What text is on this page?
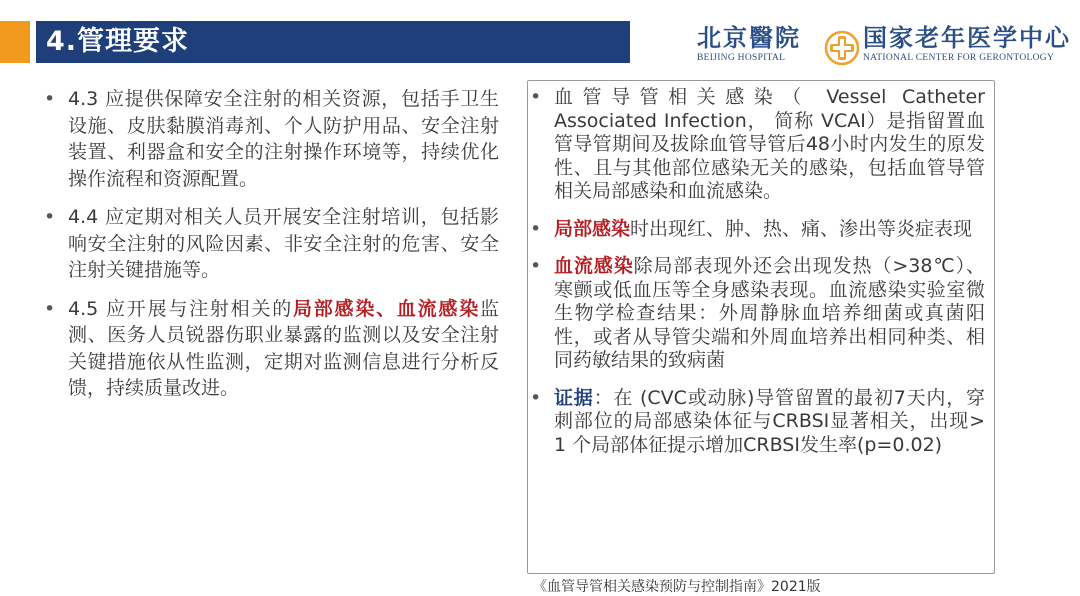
4.管理要求	北京醫院
BEIJING HOSPITAL
国家老年医学中心
NATIONAL CENTER FOR GERONTOLOGY
• 4.3 应提供保障安全注射的相关资源，包括手卫生设施、皮肤黏膜消毒剂、个人防护用品、安全注射装置、利器盒和安全的注射操作环境等，持续优化操作流程和资源配置。
• 4.4 应定期对相关人员开展安全注射培训，包括影响安全注射的风险因素、非安全注射的危害、安全注射关键措施等。
• 4.5 应开展与注射相关的局部感染、血流感染监测、医务人员锐器伤职业暴露的监测以及安全注射关键措施依从性监测，定期对监测信息进行分析反馈，持续质量改进。
• 血管导管相关感染（ Vessel Catheter Associated Infection， 简称 VCAI）是指留置血管导管期间及拔除血管导管后48小时内发生的原发性、且与其他部位感染无关的感染，包括血管导管相关局部感染和血流感染。
• 局部感染时出现红、肿、热、痛、渗出等炎症表现
• 血流感染除局部表现外还会出现发热（>38℃）、寒颤或低血压等全身感染表现。血流感染实验室微生物学检查结果：外周静脉血培养细菌或真菌阳性，或者从导管尖端和外周血培养出相同种类、相同药敏结果的致病菌
• 证据：在 (CVC或动脉)导管留置的最初7天内，穿刺部位的局部感染体征与CRBSI显著相关，出现> 1 个局部体征提示增加CRBSI发生率(p=0.02)
《血管导管相关感染预防与控制指南》2021版
